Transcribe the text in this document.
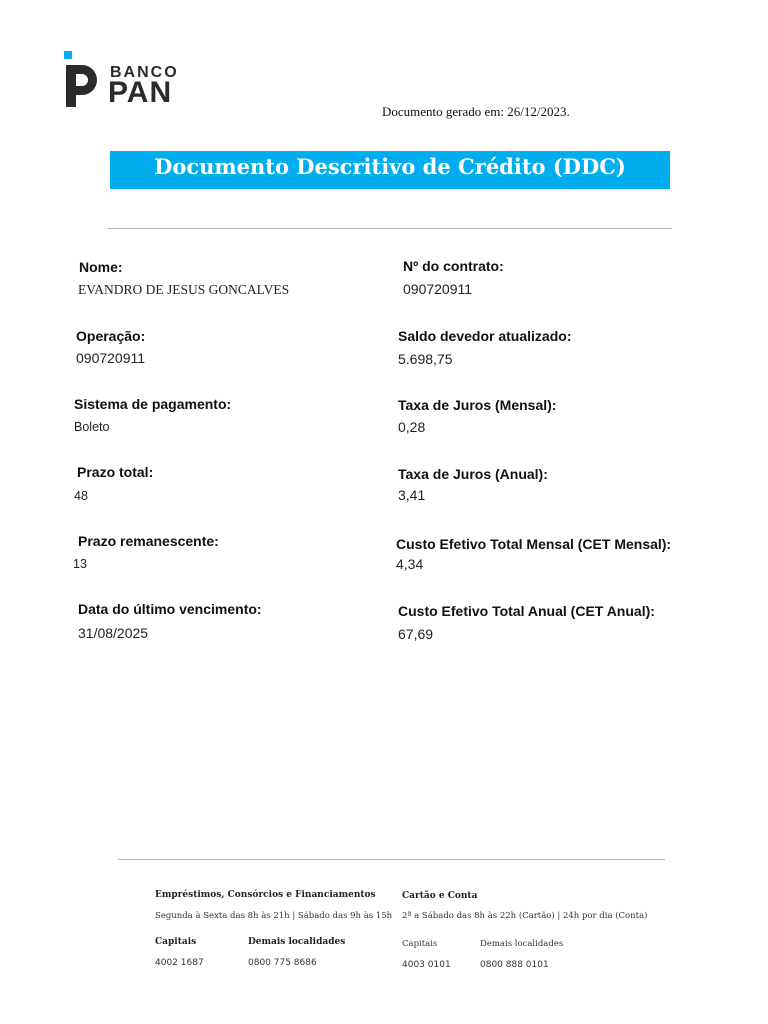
BANCO
PAN
Documento gerado em: 26/12/2023.
Documento Descritivo de Crédito (DDC)
Nome:
EVANDRO DE JESUS GONCALVES
Operação:
090720911
Sistema de pagamento:
Boleto
Prazo total:
48
Prazo remanescente:
13
Data do último vencimento:
31/08/2025
Nº do contrato:
090720911
Saldo devedor atualizado:
5.698,75
Taxa de Juros (Mensal):
0,28
Taxa de Juros (Anual):
3,41
Custo Efetivo Total Mensal (CET Mensal):
4,34
Custo Efetivo Total Anual (CET Anual):
67,69
Empréstimos, Consórcios e Financiamentos
Segunda à Sexta das 8h às 21h | Sábado das 9h às 15h
Capitais	Demais localidades
4002 1687	0800 775 8686
Cartão e Conta
2ª a Sábado das 8h às 22h (Cartão) | 24h por dia (Conta)
Capitais	Demais localidades
4003 0101	0800 888 0101
